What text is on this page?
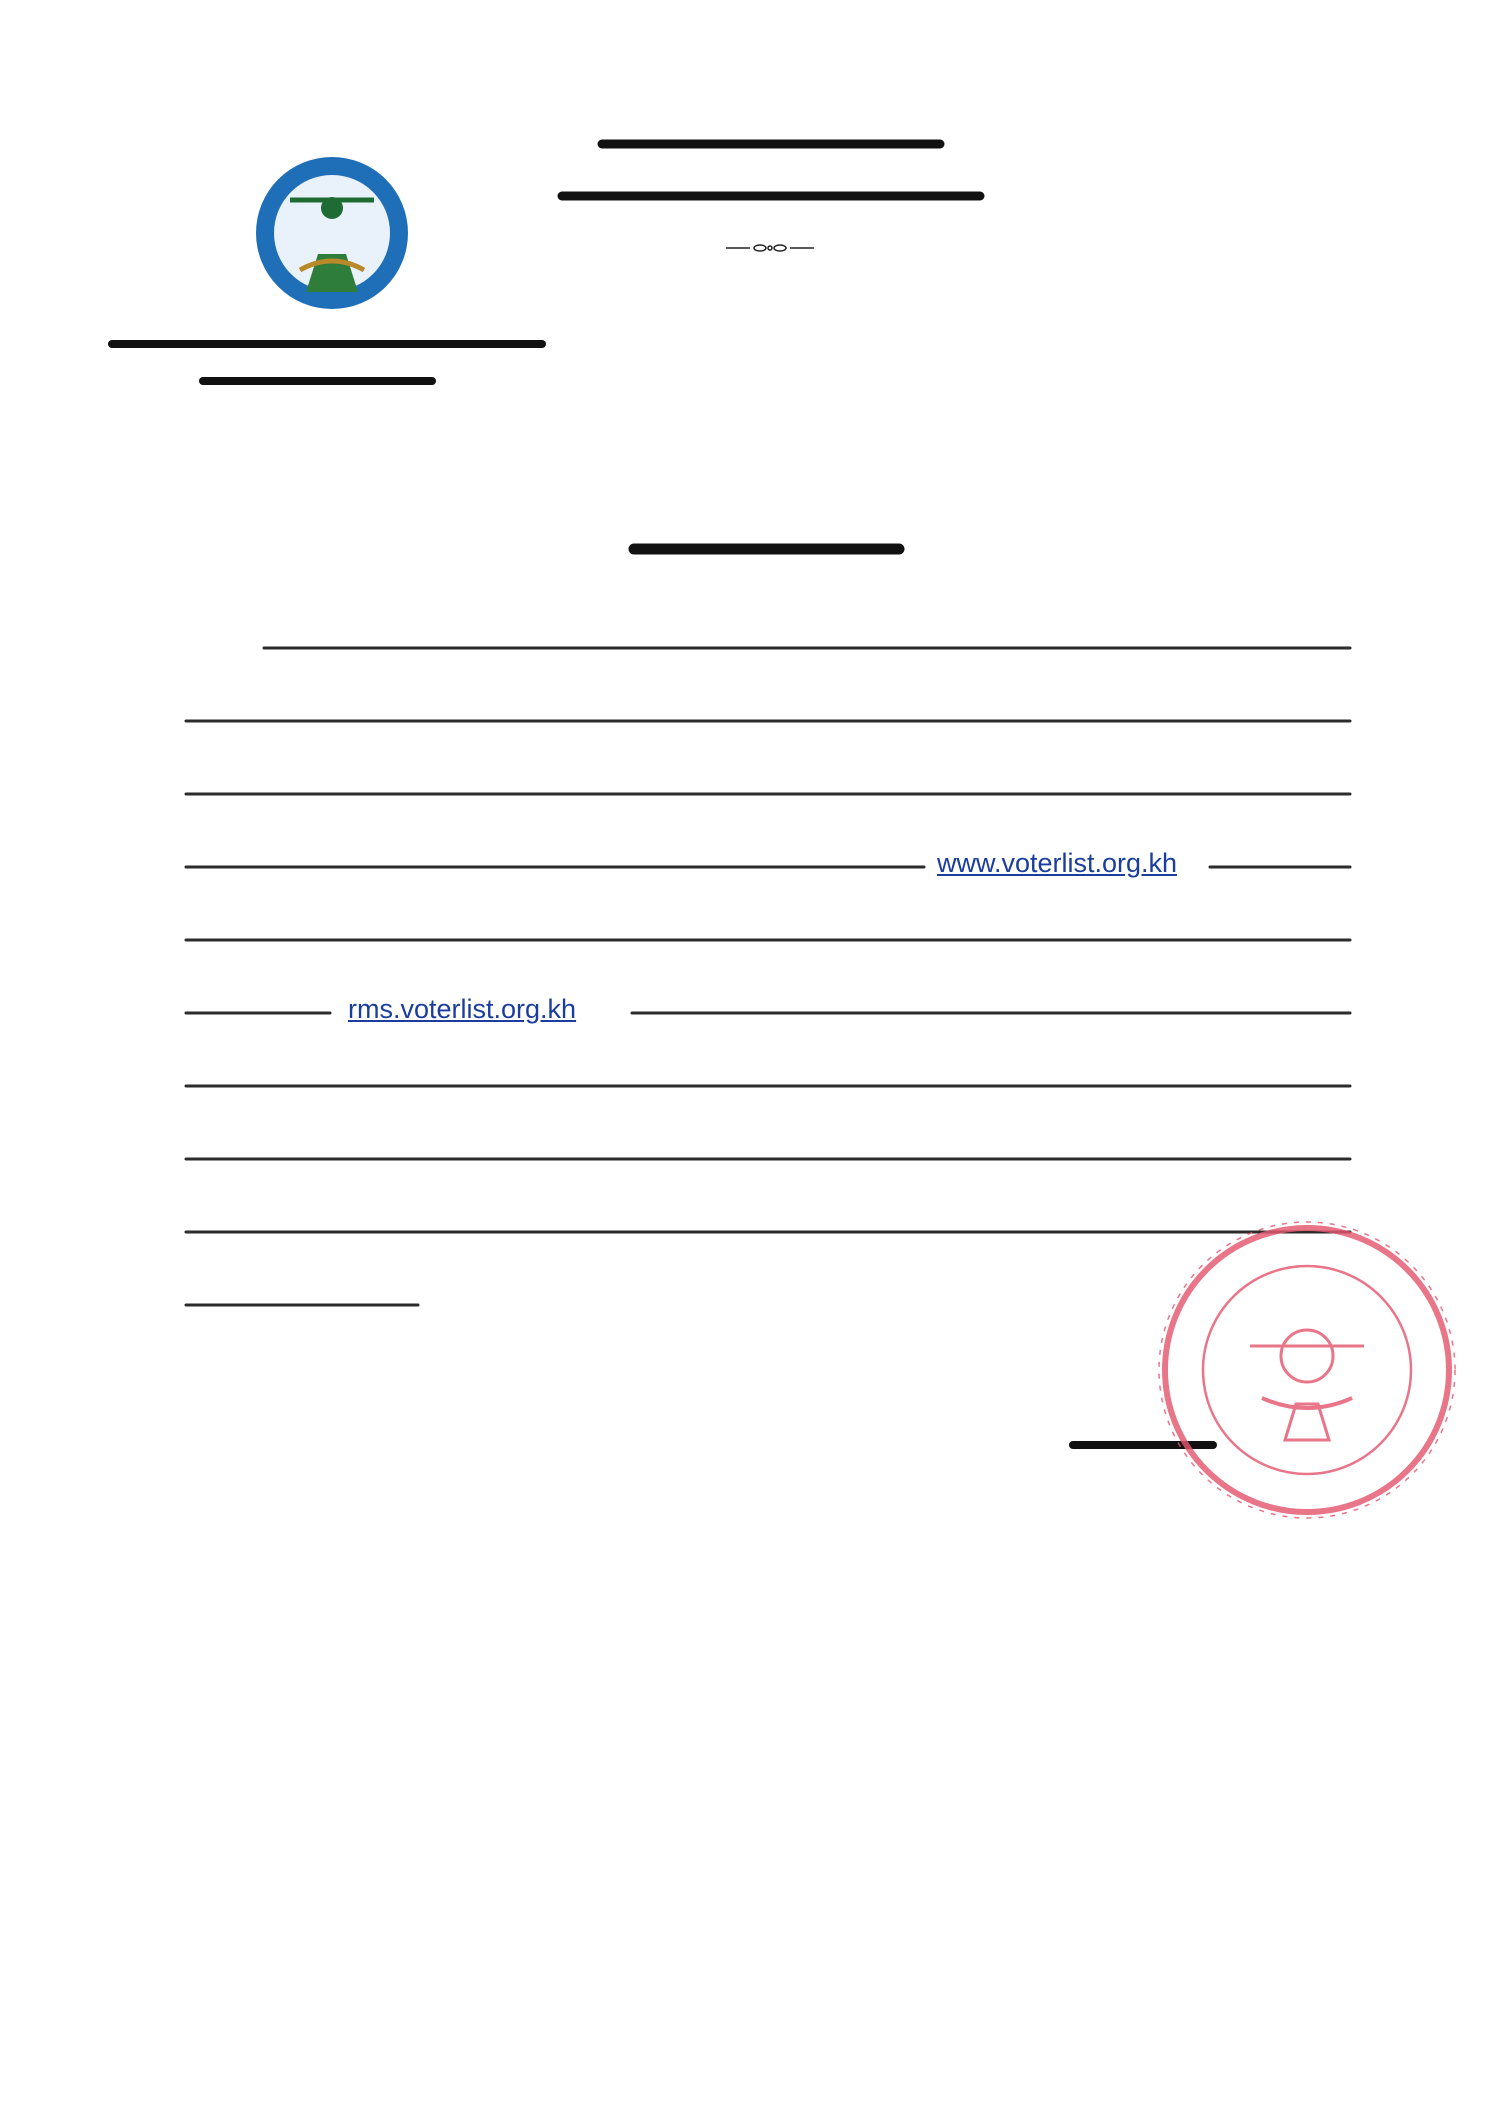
www.voterlist.org.kh
rms.voterlist.org.kh
